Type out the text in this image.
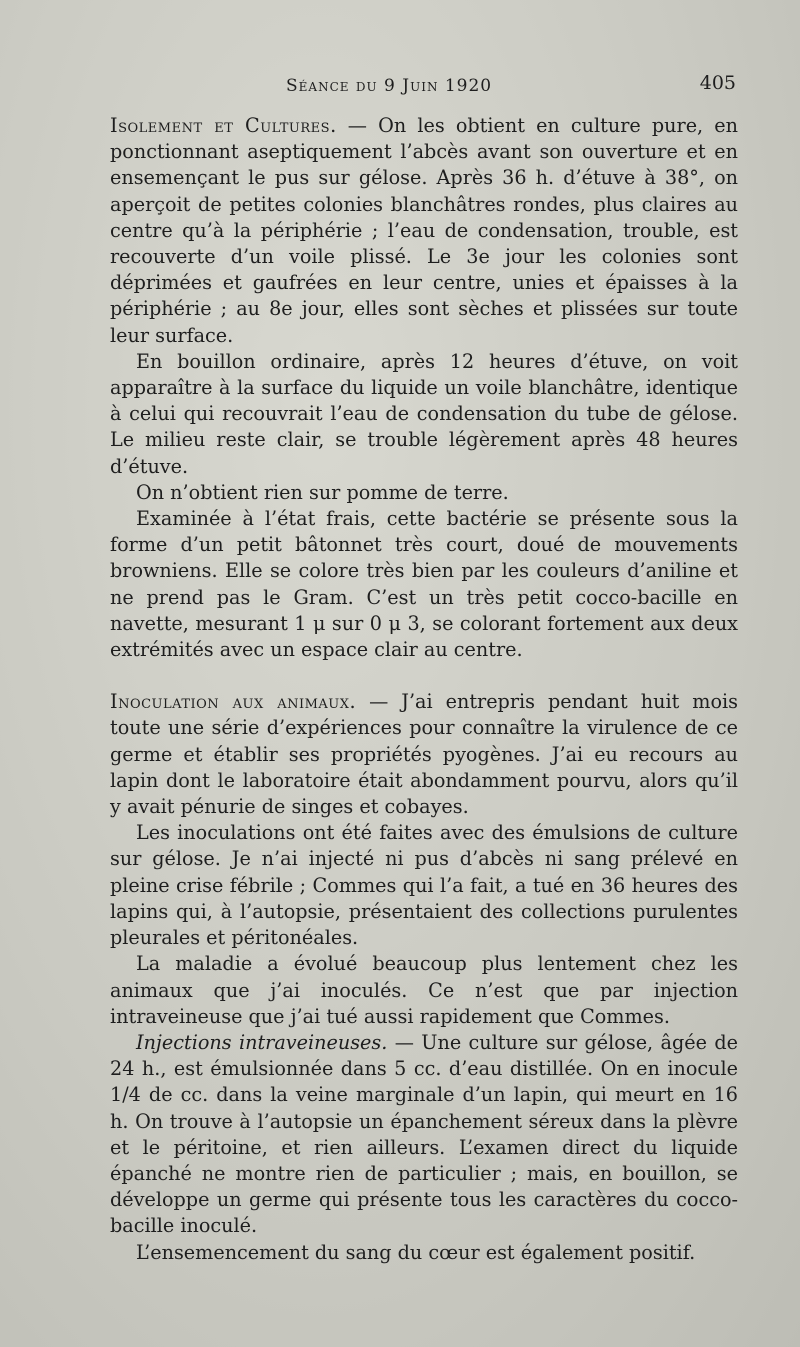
Séance du 9 Juin 1920	405

Isolement et Cultures. — On les obtient en culture pure, en ponctionnant aseptiquement l’abcès avant son ouverture et en ensemençant le pus sur gélose. Après 36 h. d’étuve à 38°, on aperçoit de petites colonies blanchâtres rondes, plus claires au centre qu’à la périphérie ; l’eau de condensation, trouble, est recouverte d’un voile plissé. Le 3e jour les colonies sont déprimées et gaufrées en leur centre, unies et épaisses à la périphérie ; au 8e jour, elles sont sèches et plissées sur toute leur surface.

En bouillon ordinaire, après 12 heures d’étuve, on voit apparaître à la surface du liquide un voile blanchâtre, identique à celui qui recouvrait l’eau de condensation du tube de gélose. Le milieu reste clair, se trouble légèrement après 48 heures d’étuve.

On n’obtient rien sur pomme de terre.

Examinée à l’état frais, cette bactérie se présente sous la forme d’un petit bâtonnet très court, doué de mouvements browniens. Elle se colore très bien par les couleurs d’aniline et ne prend pas le Gram. C’est un très petit cocco-bacille en navette, mesurant 1 μ sur 0 μ 3, se colorant fortement aux deux extrémités avec un espace clair au centre.

Inoculation aux animaux. — J’ai entrepris pendant huit mois toute une série d’expériences pour connaître la virulence de ce germe et établir ses propriétés pyogènes. J’ai eu recours au lapin dont le laboratoire était abondamment pourvu, alors qu’il y avait pénurie de singes et cobayes.

Les inoculations ont été faites avec des émulsions de culture sur gélose. Je n’ai injecté ni pus d’abcès ni sang prélevé en pleine crise fébrile ; Commes qui l’a fait, a tué en 36 heures des lapins qui, à l’autopsie, présentaient des collections purulentes pleurales et péritonéales.

La maladie a évolué beaucoup plus lentement chez les animaux que j’ai inoculés. Ce n’est que par injection intraveineuse que j’ai tué aussi rapidement que Commes.

Injections intraveineuses. — Une culture sur gélose, âgée de 24 h., est émulsionnée dans 5 cc. d’eau distillée. On en inocule 1/4 de cc. dans la veine marginale d’un lapin, qui meurt en 16 h. On trouve à l’autopsie un épanchement séreux dans la plèvre et le péritoine, et rien ailleurs. L’examen direct du liquide épanché ne montre rien de particulier ; mais, en bouillon, se développe un germe qui présente tous les caractères du cocco-bacille inoculé.

L’ensemencement du sang du cœur est également positif.
